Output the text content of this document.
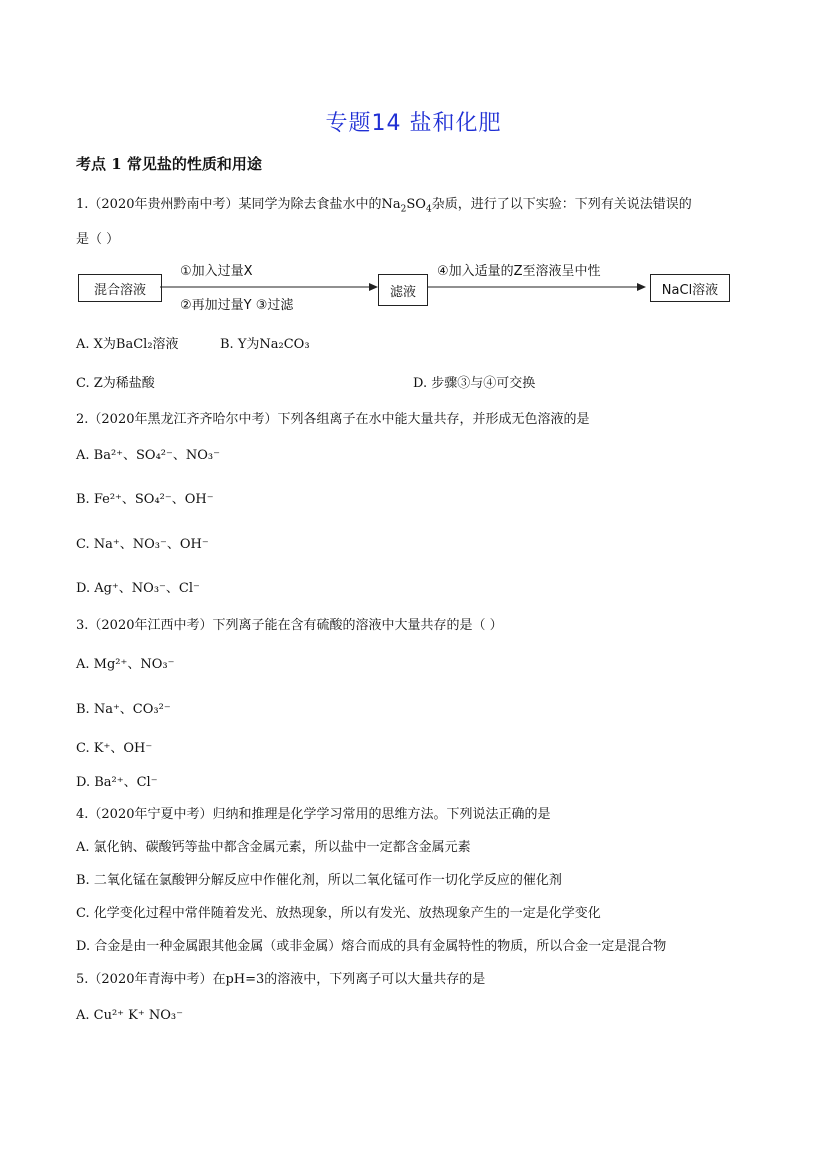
专题14 盐和化肥
考点 1 常见盐的性质和用途
1.（2020年贵州黔南中考）某同学为除去食盐水中的$Na_2SO_4$杂质，进行了以下实验：下列有关说法错误的
是（ ）
混合溶液
①加入过量X
②再加过量Y ③过滤
滤液
④加入适量的Z至溶液呈中性
NaCl溶液
A. X为BaCl₂溶液	B. Y为Na₂CO₃
C. Z为稀盐酸	D. 步骤③与④可交换
2.（2020年黑龙江齐齐哈尔中考）下列各组离子在水中能大量共存，并形成无色溶液的是
A. Ba²⁺、SO₄²⁻、NO₃⁻
B. Fe²⁺、SO₄²⁻、OH⁻
C. Na⁺、NO₃⁻、OH⁻
D. Ag⁺、NO₃⁻、Cl⁻
3.（2020年江西中考）下列离子能在含有硫酸的溶液中大量共存的是（ ）
A. Mg²⁺、NO₃⁻
B. Na⁺、CO₃²⁻
C. K⁺、OH⁻
D. Ba²⁺、Cl⁻
4.（2020年宁夏中考）归纳和推理是化学学习常用的思维方法。下列说法正确的是
A. 氯化钠、碳酸钙等盐中都含金属元素，所以盐中一定都含金属元素
B. 二氧化锰在氯酸钾分解反应中作催化剂，所以二氧化锰可作一切化学反应的催化剂
C. 化学变化过程中常伴随着发光、放热现象，所以有发光、放热现象产生的一定是化学变化
D. 合金是由一种金属跟其他金属（或非金属）熔合而成的具有金属特性的物质，所以合金一定是混合物
5.（2020年青海中考）在pH=3的溶液中，下列离子可以大量共存的是
A. Cu²⁺ K⁺ NO₃⁻
